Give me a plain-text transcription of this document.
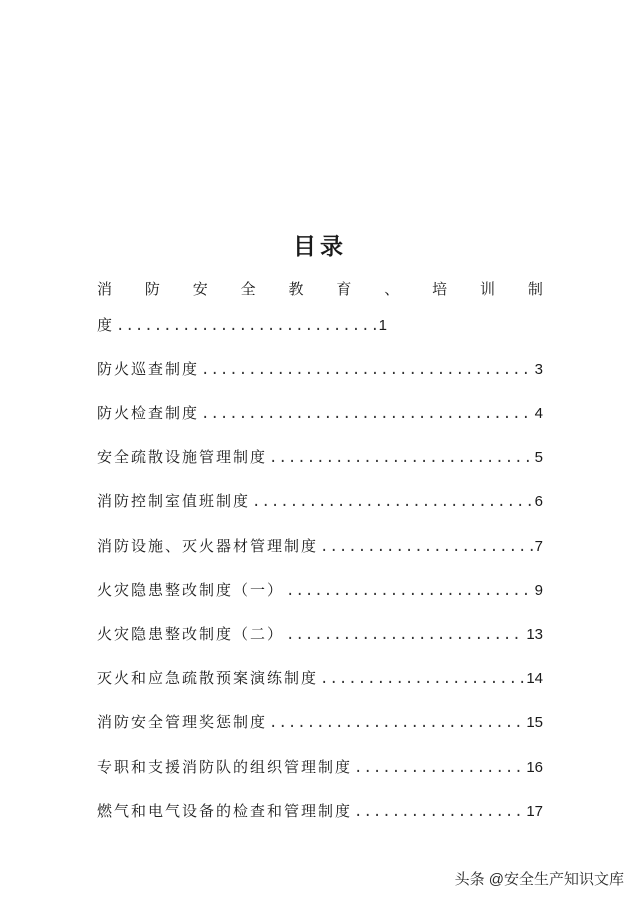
目录
消 防 安 全 教 育 、 培 训 制
度 .....	1
防火巡查制度 .....	3
防火检查制度 .....	4
安全疏散设施管理制度 .....	5
消防控制室值班制度 .....	6
消防设施、灭火器材管理制度 .....	7
火灾隐患整改制度（一） .....	9
火灾隐患整改制度（二） .....	13
灭火和应急疏散预案演练制度 .....	14
消防安全管理奖惩制度 .....	15
专职和支援消防队的组织管理制度 .....	16
燃气和电气设备的检查和管理制度 .....	17
头条 @安全生产知识文库
